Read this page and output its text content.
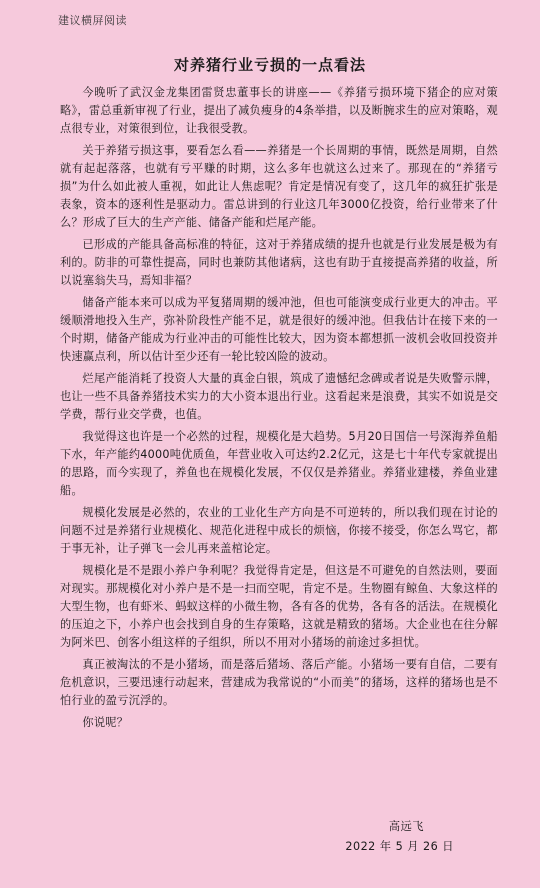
建议横屏阅读
对养猪行业亏损的一点看法

今晚听了武汉金龙集团雷贤忠董事长的讲座——《养猪亏损环境下猪企的应对策略》，雷总重新审视了行业，提出了减负瘦身的4条举措，以及断腕求生的应对策略，观点很专业，对策很到位，让我很受教。

关于养猪亏损这事，要看怎么看——养猪是一个长周期的事情，既然是周期，自然就有起起落落，也就有亏平赚的时期，这么多年也就这么过来了。那现在的“养猪亏损”为什么如此被人重视，如此让人焦虑呢？肯定是情况有变了，这几年的疯狂扩张是表象，资本的逐利性是驱动力。雷总讲到的行业这几年3000亿投资，给行业带来了什么？形成了巨大的生产产能、储备产能和烂尾产能。

已形成的产能具备高标准的特征，这对于养猪成绩的提升也就是行业发展是极为有利的。防非的可靠性提高，同时也兼防其他诸病，这也有助于直接提高养猪的收益，所以说塞翁失马，焉知非福？

储备产能本来可以成为平复猪周期的缓冲池，但也可能演变成行业更大的冲击。平缓顺滑地投入生产，弥补阶段性产能不足，就是很好的缓冲池。但我估计在接下来的一个时期，储备产能成为行业冲击的可能性比较大，因为资本都想抓一波机会收回投资并快速赢点利，所以估计至少还有一轮比较凶险的波动。

烂尾产能消耗了投资人大量的真金白银，筑成了遗憾纪念碑或者说是失败警示牌，也让一些不具备养猪技术实力的大小资本退出行业。这看起来是浪费，其实不如说是交学费，帮行业交学费，也值。

我觉得这也许是一个必然的过程，规模化是大趋势。5月20日国信一号深海养鱼船下水，年产能约4000吨优质鱼，年营业收入可达约2.2亿元，这是七十年代专家就提出的思路，而今实现了，养鱼也在规模化发展，不仅仅是养猪业。养猪业建楼，养鱼业建船。

规模化发展是必然的，农业的工业化生产方向是不可逆转的，所以我们现在讨论的问题不过是养猪行业规模化、规范化进程中成长的烦恼，你接不接受，你怎么骂它，都于事无补，让子弹飞一会儿再来盖棺论定。

规模化是不是跟小养户争利呢？我觉得肯定是，但这是不可避免的自然法则，要面对现实。那规模化对小养户是不是一扫而空呢，肯定不是。生物圈有鲸鱼、大象这样的大型生物，也有虾米、蚂蚁这样的小微生物，各有各的优势，各有各的活法。在规模化的压迫之下，小养户也会找到自身的生存策略，这就是精致的猪场。大企业也在往分解为阿米巴、创客小组这样的子组织，所以不用对小猪场的前途过多担忧。

真正被淘汰的不是小猪场，而是落后猪场、落后产能。小猪场一要有自信，二要有危机意识，三要迅速行动起来，营建成为我常说的“小而美”的猪场，这样的猪场也是不怕行业的盈亏沉浮的。

你说呢？

高远飞
2022 年 5 月 26 日
